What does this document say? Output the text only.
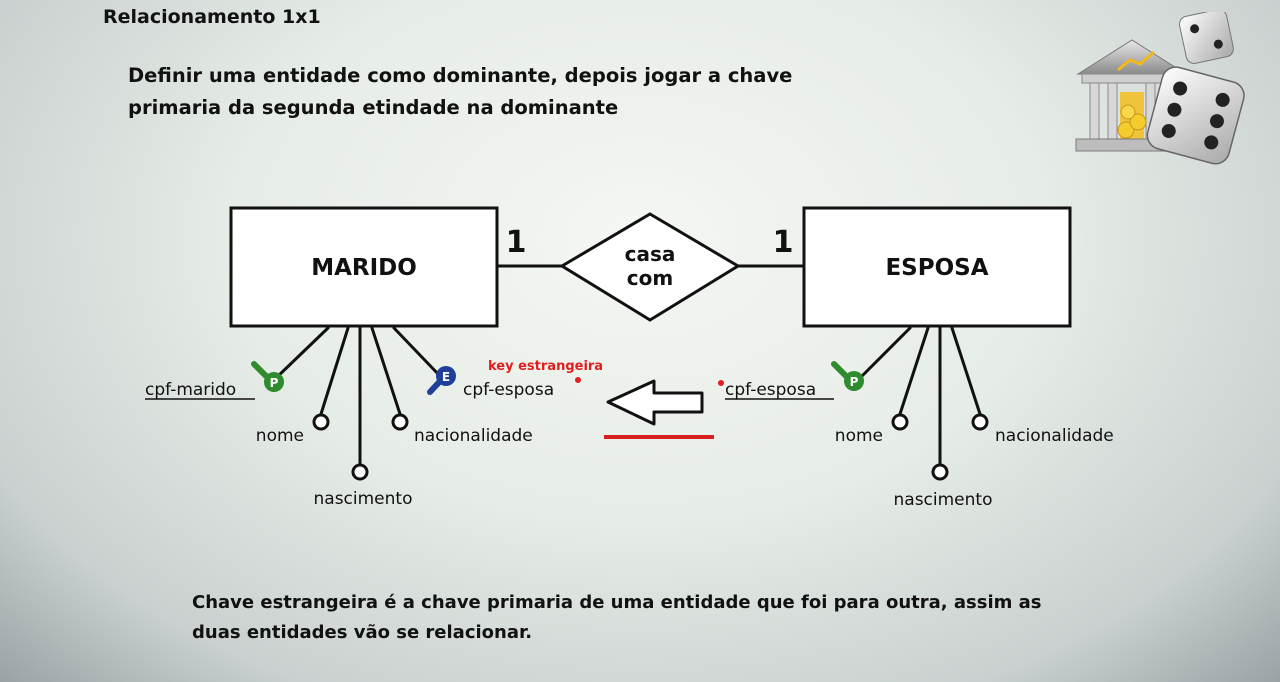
Relacionamento 1x1

Definir uma entidade como dominante, depois jogar a chave primaria da segunda etindade na dominante

MARIDO	ESPOSA
casa
com
1	1
P	E
cpf-marido	cpf-esposa
nome
nascimento
nacionalidade
key estrangeira
P
cpf-esposa
nome
nascimento
nacionalidade

Chave estrangeira é a chave primaria de uma entidade que foi para outra, assim as duas entidades vão se relacionar.
